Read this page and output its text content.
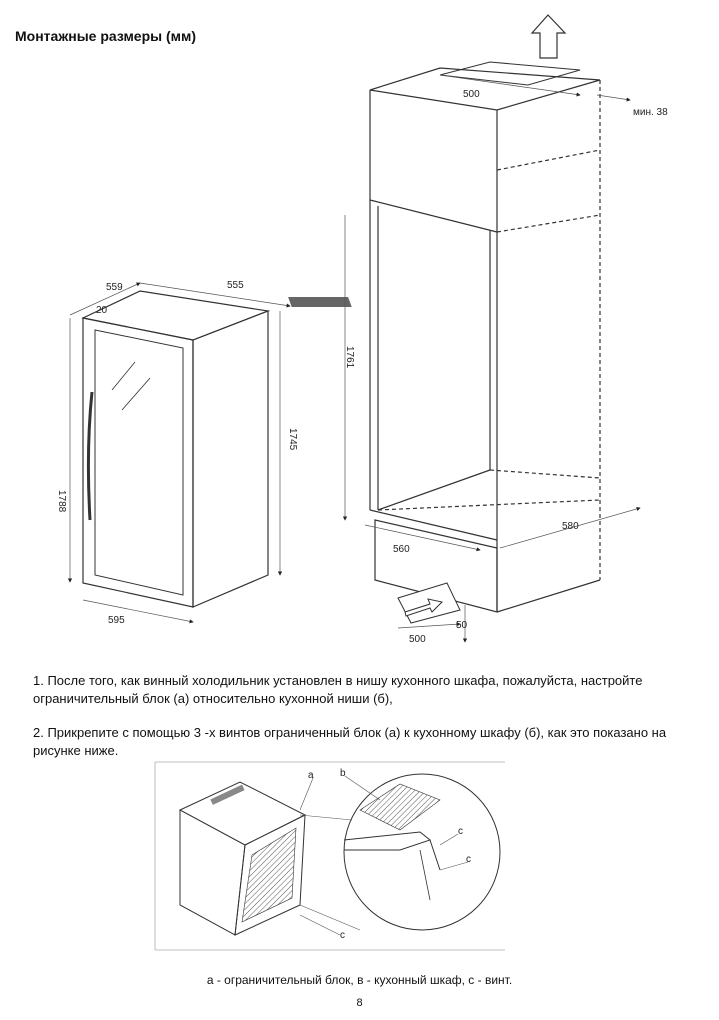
Монтажные размеры (мм)
559	555
20
1745
1788
595
500
мин. 38
1761
560
580
500
50
a	b
c
c
c
1. После того, как винный холодильник установлен в нишу кухонного шкафа, пожалуйста, настройте ограничительный блок (а) относительно кухонной ниши (б),
2. Прикрепите с помощью 3 -х винтов ограниченный блок (а) к кухонному шкафу (б), как это показано на рисунке ниже.
а - ограничительный блок, в - кухонный шкаф, с - винт.
8
